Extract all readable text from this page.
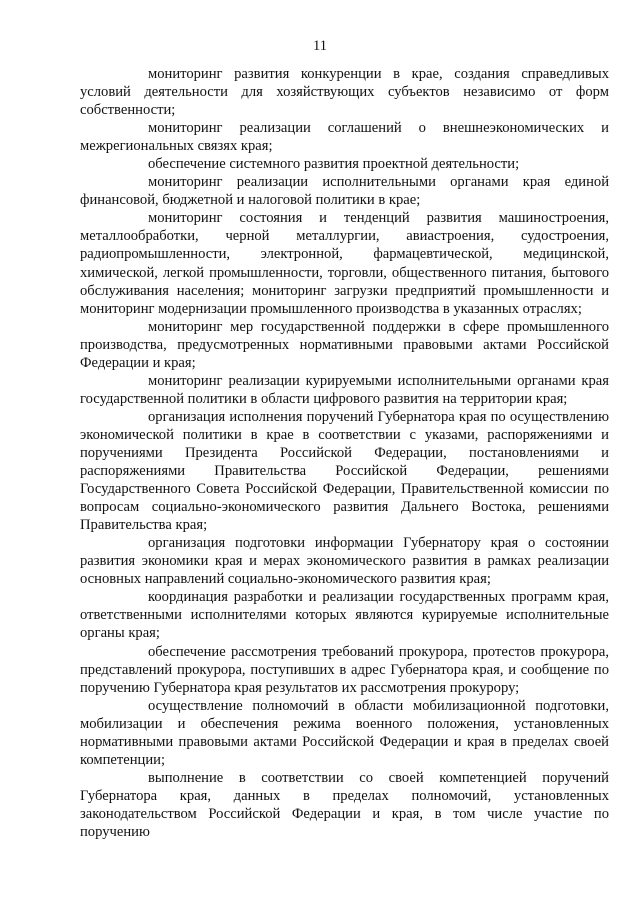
11

мониторинг развития конкуренции в крае, создания справедливых условий деятельности для хозяйствующих субъектов независимо от форм собственности;

мониторинг реализации соглашений о внешнеэкономических и межрегиональных связях края;

обеспечение системного развития проектной деятельности;

мониторинг реализации исполнительными органами края единой финансовой, бюджетной и налоговой политики в крае;

мониторинг состояния и тенденций развития машиностроения, металлообработки, черной металлургии, авиастроения, судостроения, радиопромышленности, электронной, фармацевтической, медицинской, химической, легкой промышленности, торговли, общественного питания, бытового обслуживания населения; мониторинг загрузки предприятий промышленности и мониторинг модернизации промышленного производства в указанных отраслях;

мониторинг мер государственной поддержки в сфере промышленного производства, предусмотренных нормативными правовыми актами Российской Федерации и края;

мониторинг реализации курируемыми исполнительными органами края государственной политики в области цифрового развития на территории края;

организация исполнения поручений Губернатора края по осуществлению экономической политики в крае в соответствии с указами, распоряжениями и поручениями Президента Российской Федерации, постановлениями и распоряжениями Правительства Российской Федерации, решениями Государственного Совета Российской Федерации, Правительственной комиссии по вопросам социально-экономического развития Дальнего Востока, решениями Правительства края;

организация подготовки информации Губернатору края о состоянии развития экономики края и мерах экономического развития в рамках реализации основных направлений социально-экономического развития края;

координация разработки и реализации государственных программ края, ответственными исполнителями которых являются курируемые исполнительные органы края;

обеспечение рассмотрения требований прокурора, протестов прокурора, представлений прокурора, поступивших в адрес Губернатора края, и сообщение по поручению Губернатора края результатов их рассмотрения прокурору;

осуществление полномочий в области мобилизационной подготовки, мобилизации и обеспечения режима военного положения, установленных нормативными правовыми актами Российской Федерации и края в пределах своей компетенции;

выполнение в соответствии со своей компетенцией поручений Губернатора края, данных в пределах полномочий, установленных законодательством Российской Федерации и края, в том числе участие по поручению
